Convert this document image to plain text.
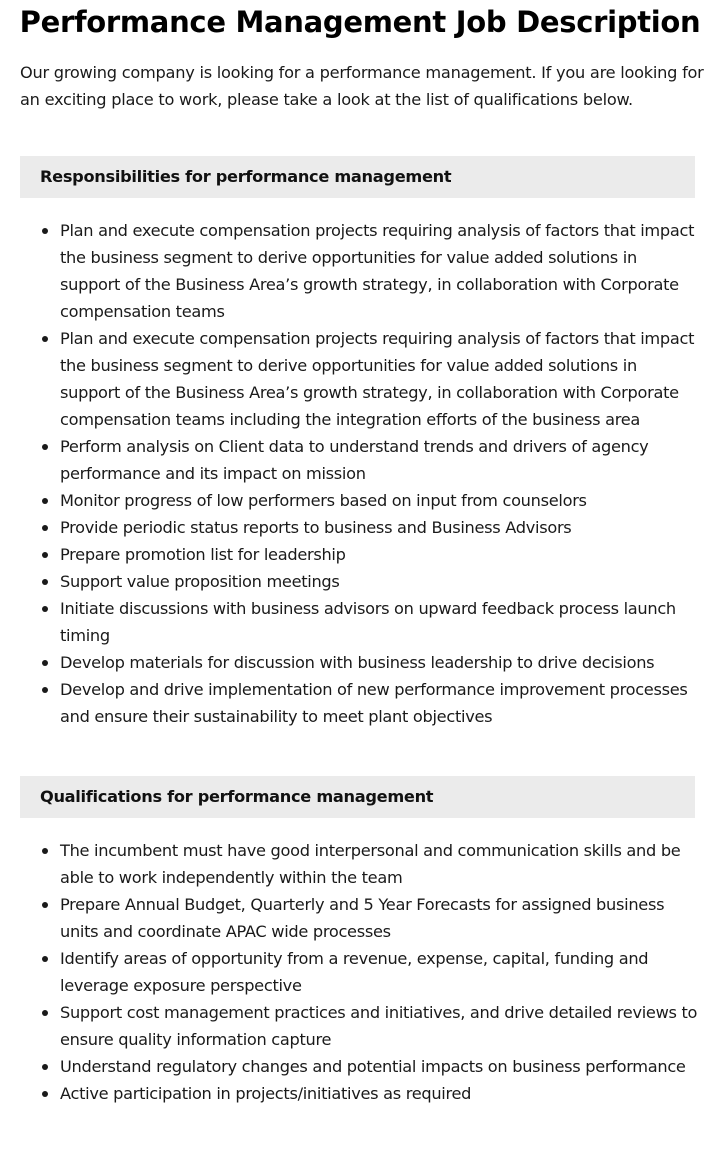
Performance Management Job Description

Our growing company is looking for a performance management. If you are looking for an exciting place to work, please take a look at the list of qualifications below.

Responsibilities for performance management
Plan and execute compensation projects requiring analysis of factors that impact the business segment to derive opportunities for value added solutions in support of the Business Area’s growth strategy, in collaboration with Corporate compensation teams
Plan and execute compensation projects requiring analysis of factors that impact the business segment to derive opportunities for value added solutions in support of the Business Area’s growth strategy, in collaboration with Corporate compensation teams including the integration efforts of the business area
Perform analysis on Client data to understand trends and drivers of agency performance and its impact on mission
Monitor progress of low performers based on input from counselors
Provide periodic status reports to business and Business Advisors
Prepare promotion list for leadership
Support value proposition meetings
Initiate discussions with business advisors on upward feedback process launch timing
Develop materials for discussion with business leadership to drive decisions
Develop and drive implementation of new performance improvement processes and ensure their sustainability to meet plant objectives
Qualifications for performance management
The incumbent must have good interpersonal and communication skills and be able to work independently within the team
Prepare Annual Budget, Quarterly and 5 Year Forecasts for assigned business units and coordinate APAC wide processes
Identify areas of opportunity from a revenue, expense, capital, funding and leverage exposure perspective
Support cost management practices and initiatives, and drive detailed reviews to ensure quality information capture
Understand regulatory changes and potential impacts on business performance
Active participation in projects/initiatives as required
